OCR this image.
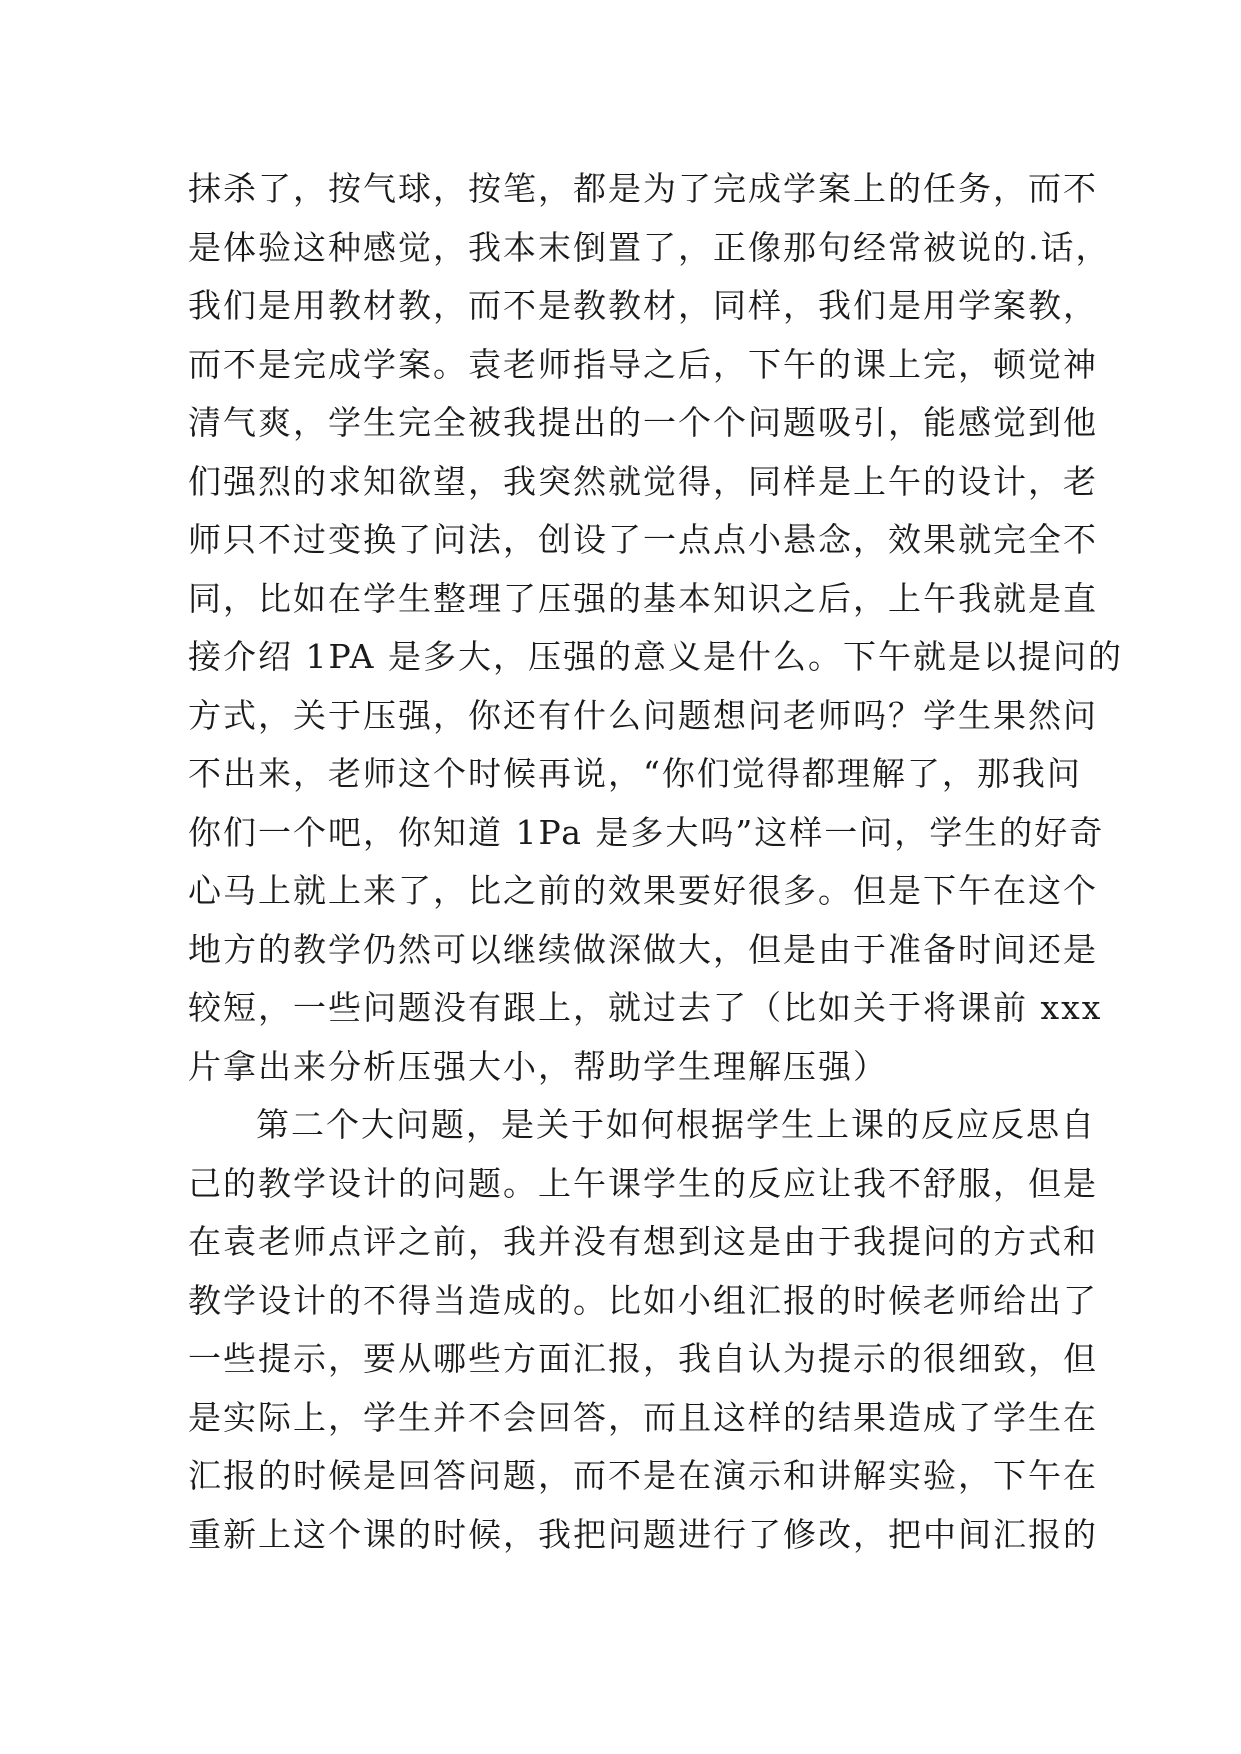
抹杀了，按气球，按笔，都是为了完成学案上的任务，而不
是体验这种感觉，我本末倒置了，正像那句经常被说的.话，
我们是用教材教，而不是教教材，同样，我们是用学案教，
而不是完成学案。袁老师指导之后，下午的课上完，顿觉神
清气爽，学生完全被我提出的一个个问题吸引，能感觉到他
们强烈的求知欲望，我突然就觉得，同样是上午的设计，老
师只不过变换了问法，创设了一点点小悬念，效果就完全不
同，比如在学生整理了压强的基本知识之后，上午我就是直
接介绍 1PA 是多大，压强的意义是什么。下午就是以提问的
方式，关于压强，你还有什么问题想问老师吗？学生果然问
不出来，老师这个时候再说，“你们觉得都理解了，那我问
你们一个吧，你知道 1Pa 是多大吗”这样一问，学生的好奇
心马上就上来了，比之前的效果要好很多。但是下午在这个
地方的教学仍然可以继续做深做大，但是由于准备时间还是
较短，一些问题没有跟上，就过去了（比如关于将课前 xxx
片拿出来分析压强大小，帮助学生理解压强）
第二个大问题，是关于如何根据学生上课的反应反思自
己的教学设计的问题。上午课学生的反应让我不舒服，但是
在袁老师点评之前，我并没有想到这是由于我提问的方式和
教学设计的不得当造成的。比如小组汇报的时候老师给出了
一些提示，要从哪些方面汇报，我自认为提示的很细致，但
是实际上，学生并不会回答，而且这样的结果造成了学生在
汇报的时候是回答问题，而不是在演示和讲解实验，下午在
重新上这个课的时候，我把问题进行了修改，把中间汇报的
